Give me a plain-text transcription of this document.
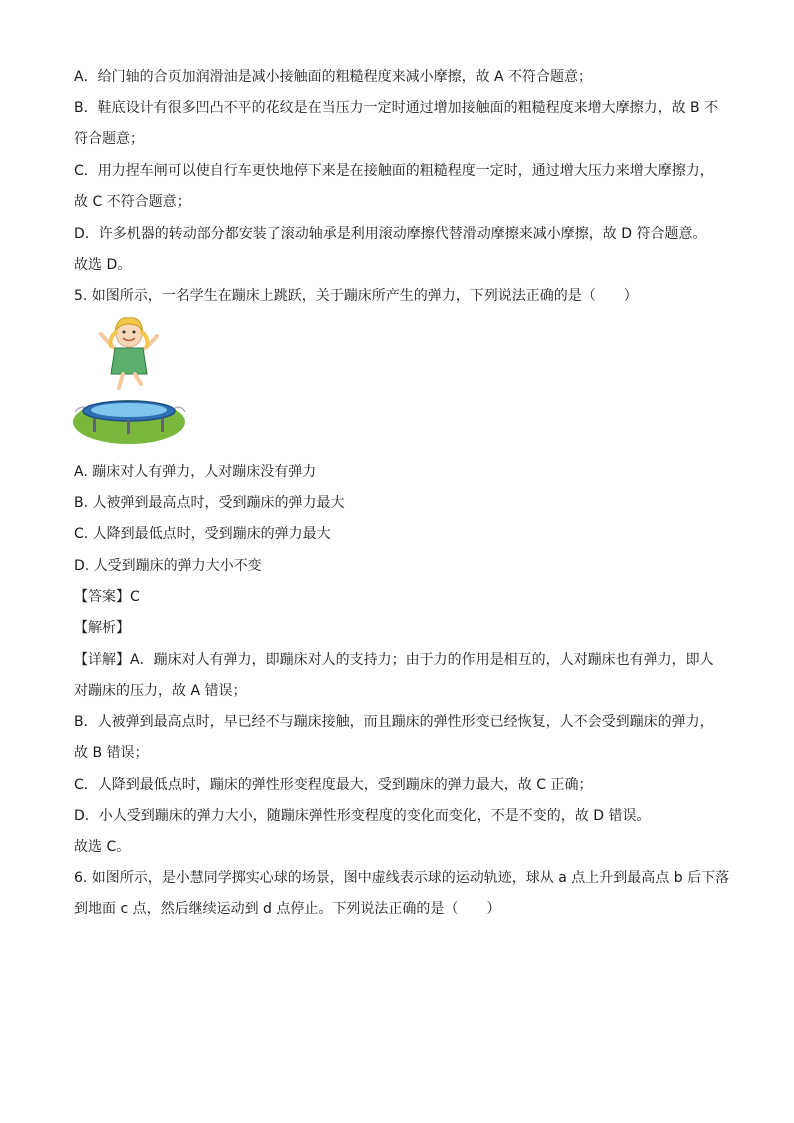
A．给门轴的合页加润滑油是减小接触面的粗糙程度来减小摩擦，故 A 不符合题意；
B．鞋底设计有很多凹凸不平的花纹是在当压力一定时通过增加接触面的粗糙程度来增大摩擦力，故 B 不
符合题意；
C．用力捏车闸可以使自行车更快地停下来是在接触面的粗糙程度一定时，通过增大压力来增大摩擦力，
故 C 不符合题意；
D．许多机器的转动部分都安装了滚动轴承是利用滚动摩擦代替滑动摩擦来减小摩擦，故 D 符合题意。
故选 D。
5. 如图所示，一名学生在蹦床上跳跃，关于蹦床所产生的弹力，下列说法正确的是（　　）
A. 蹦床对人有弹力，人对蹦床没有弹力
B. 人被弹到最高点时，受到蹦床的弹力最大
C. 人降到最低点时，受到蹦床的弹力最大
D. 人受到蹦床的弹力大小不变
【答案】C
【解析】
【详解】A．蹦床对人有弹力，即蹦床对人的支持力；由于力的作用是相互的，人对蹦床也有弹力，即人
对蹦床的压力，故 A 错误；
B．人被弹到最高点时，早已经不与蹦床接触，而且蹦床的弹性形变已经恢复，人不会受到蹦床的弹力，
故 B 错误；
C．人降到最低点时，蹦床的弹性形变程度最大，受到蹦床的弹力最大，故 C 正确；
D．小人受到蹦床的弹力大小，随蹦床弹性形变程度的变化而变化，不是不变的，故 D 错误。
故选 C。
6. 如图所示，是小慧同学掷实心球的场景，图中虚线表示球的运动轨迹，球从 a 点上升到最高点 b 后下落
到地面 c 点，然后继续运动到 d 点停止。下列说法正确的是（　　）
